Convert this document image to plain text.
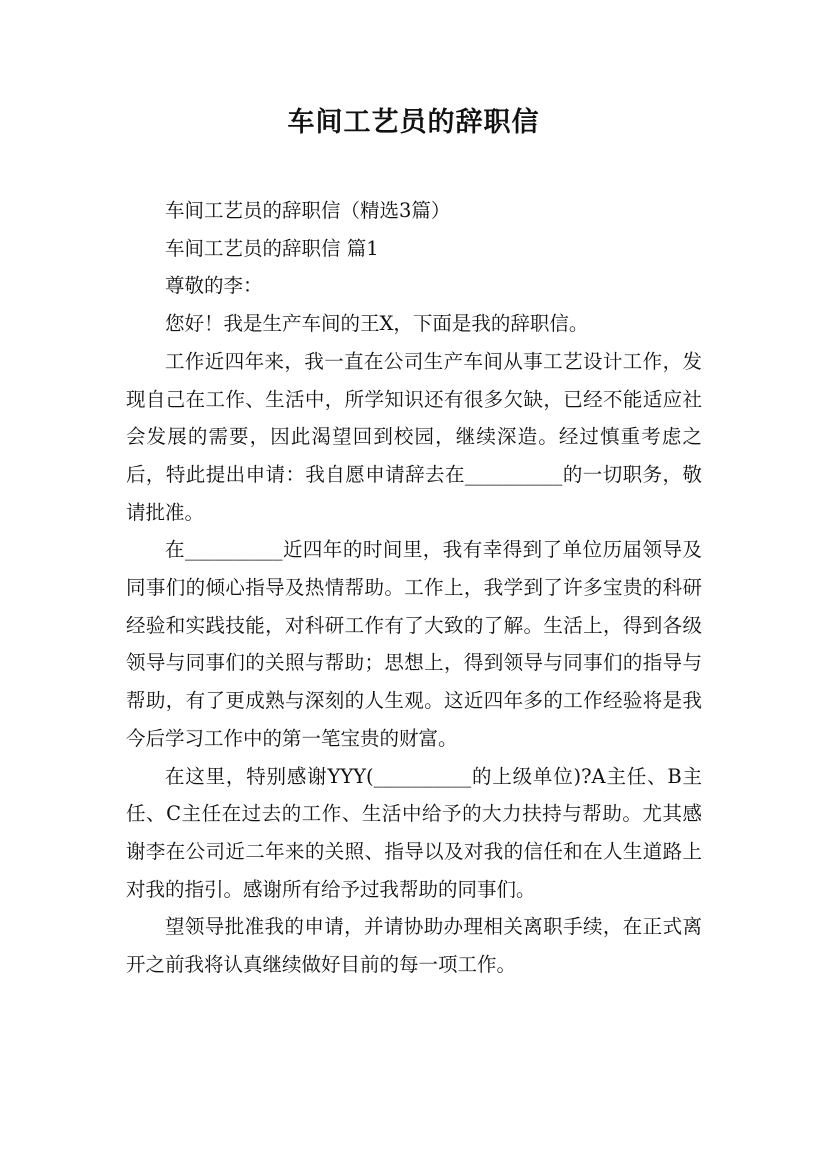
车间工艺员的辞职信

车间工艺员的辞职信（精选3篇）

车间工艺员的辞职信 篇1

尊敬的李：

您好！我是生产车间的王X，下面是我的辞职信。

工作近四年来，我一直在公司生产车间从事工艺设计工作，发现自己在工作、生活中，所学知识还有很多欠缺，已经不能适应社会发展的需要，因此渴望回到校园，继续深造。经过慎重考虑之后，特此提出申请：我自愿申请辞去在__________的一切职务，敬请批准。

在__________近四年的时间里，我有幸得到了单位历届领导及同事们的倾心指导及热情帮助。工作上，我学到了许多宝贵的科研经验和实践技能，对科研工作有了大致的了解。生活上，得到各级领导与同事们的关照与帮助；思想上，得到领导与同事们的指导与帮助，有了更成熟与深刻的人生观。这近四年多的工作经验将是我今后学习工作中的第一笔宝贵的财富。

在这里，特别感谢YYY(__________的上级单位)?A主任、B主任、C主任在过去的工作、生活中给予的大力扶持与帮助。尤其感谢李在公司近二年来的关照、指导以及对我的信任和在人生道路上对我的指引。感谢所有给予过我帮助的同事们。

望领导批准我的申请，并请协助办理相关离职手续，在正式离开之前我将认真继续做好目前的每一项工作。
